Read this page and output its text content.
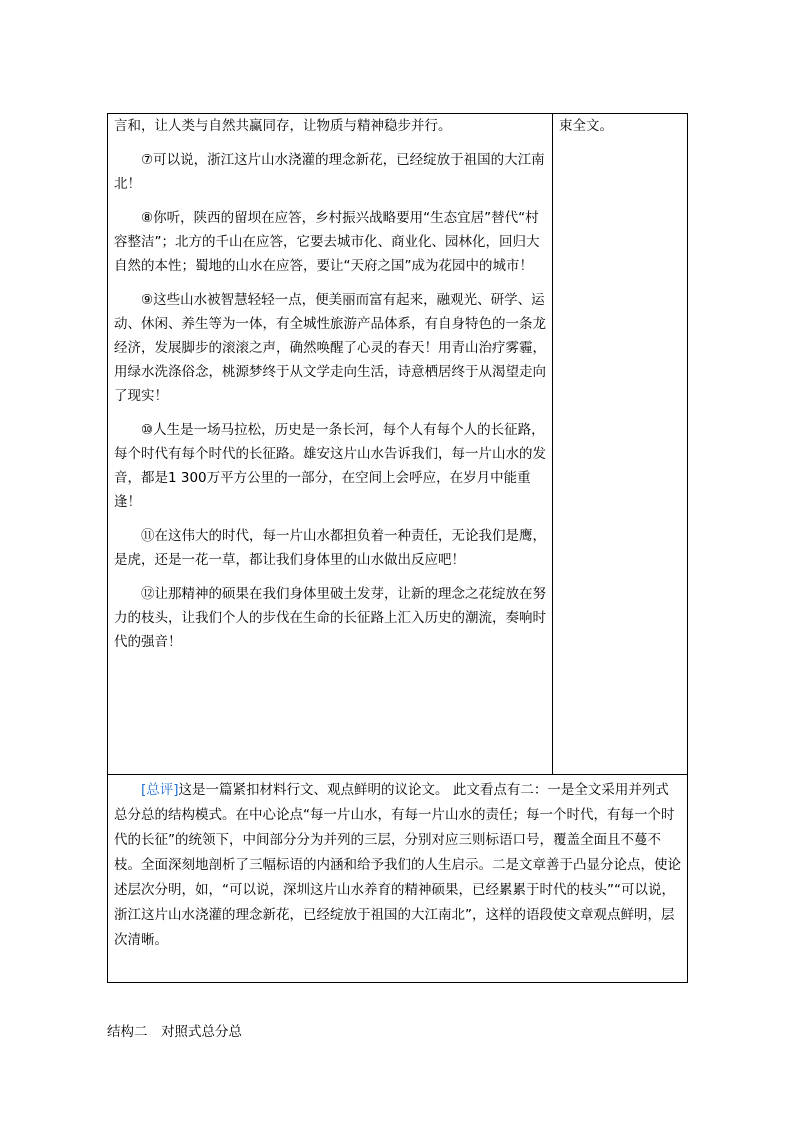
言和，让人类与自然共赢同存，让物质与精神稳步并行。

⑦可以说，浙江这片山水浇灌的理念新花，已经绽放于祖国的大江南北！

⑧你听，陕西的留坝在应答，乡村振兴战略要用“生态宜居”替代“村容整洁”；北方的千山在应答，它要去城市化、商业化、园林化，回归大自然的本性；蜀地的山水在应答，要让“天府之国”成为花园中的城市！

⑨这些山水被智慧轻轻一点，便美丽而富有起来，融观光、研学、运动、休闲、养生等为一体，有全城性旅游产品体系，有自身特色的一条龙经济，发展脚步的滚滚之声，确然唤醒了心灵的春天！用青山治疗雾霾，用绿水洗涤俗念，桃源梦终于从文学走向生活，诗意栖居终于从渴望走向了现实！

⑩人生是一场马拉松，历史是一条长河，每个人有每个人的长征路，每个时代有每个时代的长征路。雄安这片山水告诉我们，每一片山水的发音，都是1 300万平方公里的一部分，在空间上会呼应，在岁月中能重逢！

⑪在这伟大的时代，每一片山水都担负着一种责任，无论我们是鹰，是虎，还是一花一草，都让我们身体里的山水做出反应吧！

⑫让那精神的硕果在我们身体里破土发芽，让新的理念之花绽放在努力的枝头，让我们个人的步伐在生命的长征路上汇入历史的潮流，奏响时代的强音！

束全文。

[总评]这是一篇紧扣材料行文、观点鲜明的议论文。 此文看点有二：一是全文采用并列式总分总的结构模式。在中心论点“每一片山水，有每一片山水的责任；每一个时代，有每一个时代的长征”的统领下，中间部分分为并列的三层，分别对应三则标语口号，覆盖全面且不蔓不枝。全面深刻地剖析了三幅标语的内涵和给予我们的人生启示。二是文章善于凸显分论点，使论述层次分明，如，“可以说，深圳这片山水养育的精神硕果，已经累累于时代的枝头”“可以说，浙江这片山水浇灌的理念新花，已经绽放于祖国的大江南北”，这样的语段使文章观点鲜明，层次清晰。

结构二　对照式总分总
